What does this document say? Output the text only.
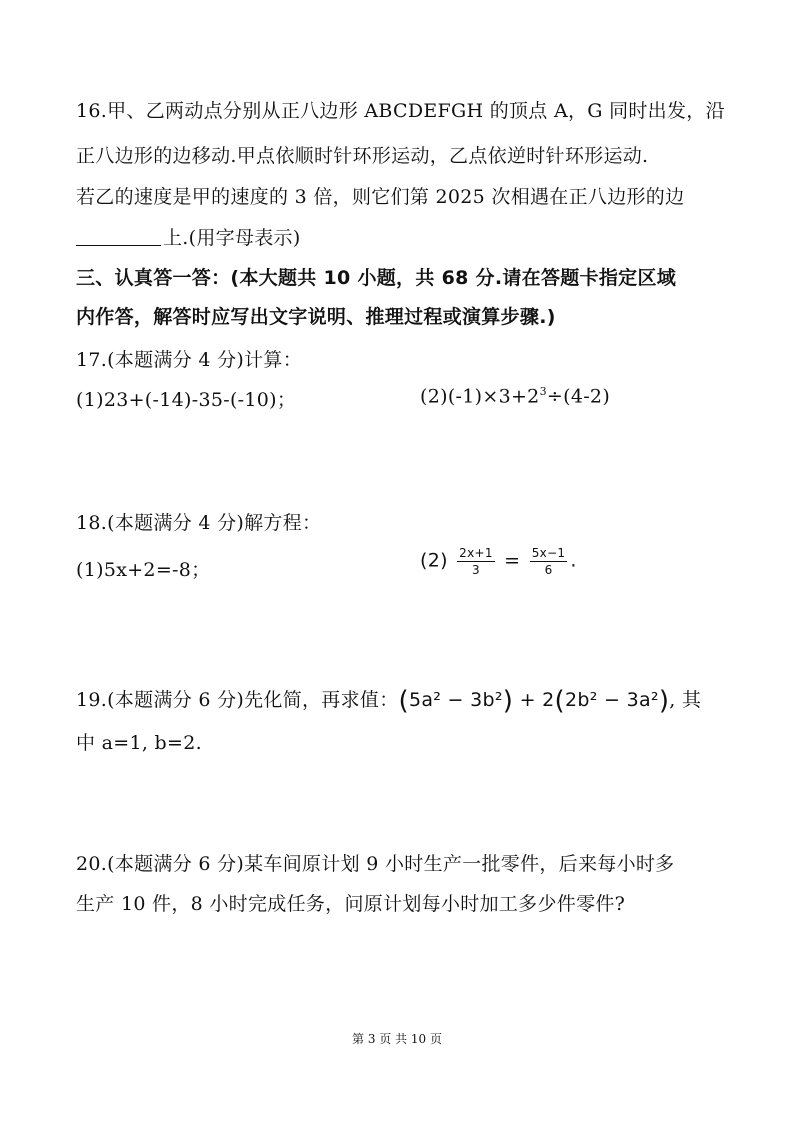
16.甲、乙两动点分别从正八边形 ABCDEFGH 的顶点 A，G 同时出发，沿
正八边形的边移动.甲点依顺时针环形运动，乙点依逆时针环形运动.
若乙的速度是甲的速度的 3 倍，则它们第 2025 次相遇在正八边形的边
上.(用字母表示)
三、认真答一答：(本大题共 10 小题，共 68 分.请在答题卡指定区域
内作答，解答时应写出文字说明、推理过程或演算步骤.)
17.(本题满分 4 分)计算：
(1)23+(-14)-35-(-10)；	$(2)(-1)\times 3+2^3\div(4-2)$
18.(本题满分 4 分)解方程：
(1)5x+2=-8；	$(2) \frac{2x+1}{3} = \frac{5x-1}{6}$ .
19.(本题满分 6 分)先化简，再求值：(5a² − 3b²) + 2(2b² − 3a²), 其
中 a=1, b=2.
20.(本题满分 6 分)某车间原计划 9 小时生产一批零件，后来每小时多
生产 10 件，8 小时完成任务，问原计划每小时加工多少件零件?
第 3 页 共 10 页
